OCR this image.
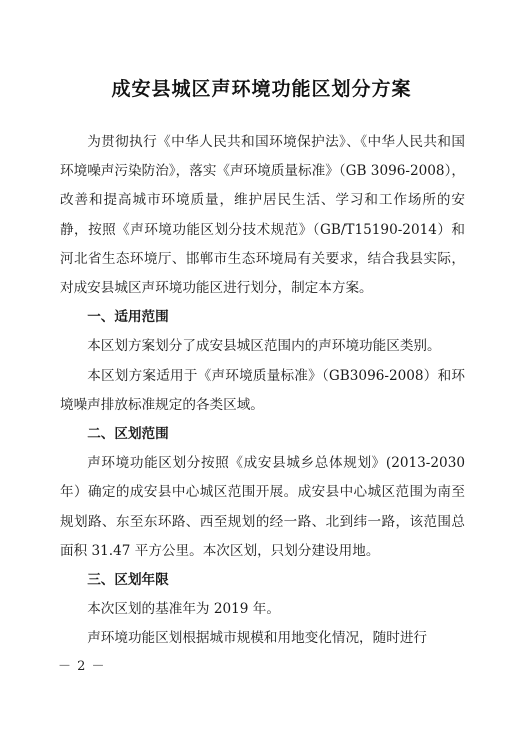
成安县城区声环境功能区划分方案

为贯彻执行《中华人民共和国环境保护法》、《中华人民共和国环境噪声污染防治》，落实《声环境质量标准》（GB 3096-2008），改善和提高城市环境质量，维护居民生活、学习和工作场所的安静，按照《声环境功能区划分技术规范》（GB/T15190-2014）和河北省生态环境厅、邯郸市生态环境局有关要求，结合我县实际，对成安县城区声环境功能区进行划分，制定本方案。

一、适用范围

本区划方案划分了成安县城区范围内的声环境功能区类别。

本区划方案适用于《声环境质量标准》（GB3096-2008）和环境噪声排放标准规定的各类区域。

二、区划范围

声环境功能区划分按照《成安县城乡总体规划》(2013-2030年）确定的成安县中心城区范围开展。成安县中心城区范围为南至规划路、东至东环路、西至规划的经一路、北到纬一路，该范围总面积 31.47 平方公里。本次区划，只划分建设用地。

三、区划年限

本次区划的基准年为 2019 年。

声环境功能区划根据城市规模和用地变化情况，随时进行

－ 2 －
